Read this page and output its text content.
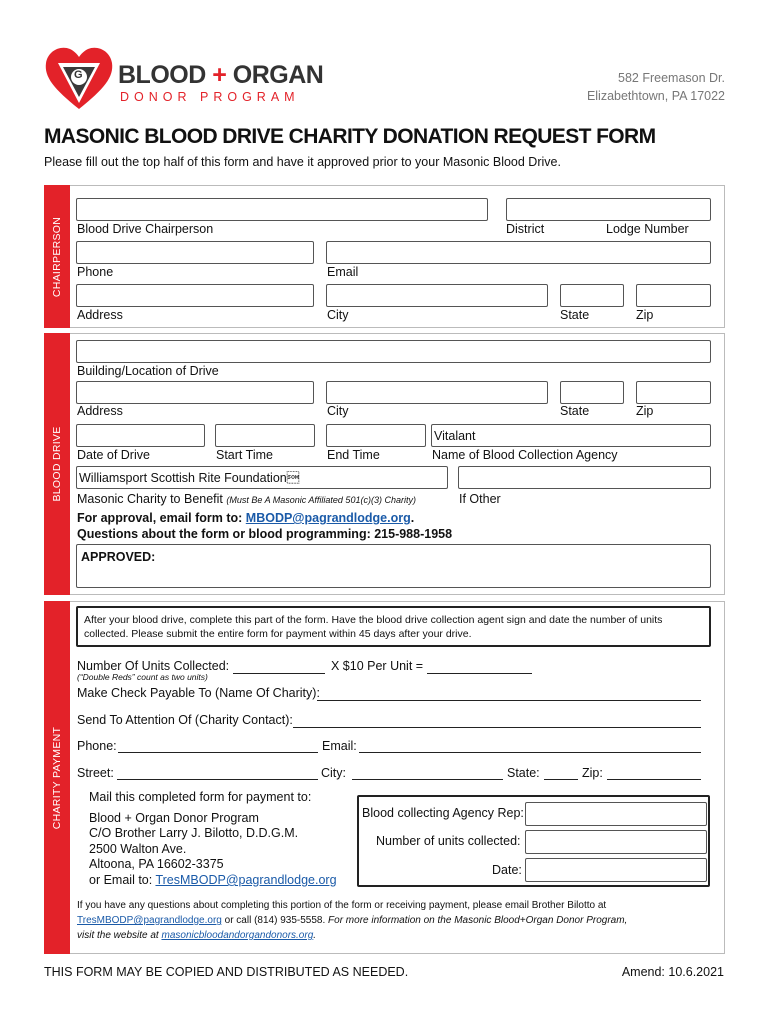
G BLOOD + ORGAN
DONOR PROGRAM
582 Freemason Dr.
Elizabethtown, PA 17022
MASONIC BLOOD DRIVE CHARITY DONATION REQUEST FORM
Please fill out the top half of this form and have it approved prior to your Masonic Blood Drive.
CHAIRPERSON Blood Drive Chairperson	District	Lodge Number
Phone	Email
Address	City	State	Zip
BLOOD DRIVE
Building/Location of Drive
Address	City	State	Zip
Vitalant
Date of Drive	Start Time	End Time	Name of Blood Collection Agency
Williamsport Scottish Rite Foundation
Masonic Charity to Benefit (Must Be A Masonic Affiliated 501(c)(3) Charity)	If Other
For approval, email form to: MBODP@pagrandlodge.org.
Questions about the form or blood programming: 215-988-1958
APPROVED:
CHARITY PAYMENT
After your blood drive, complete this part of the form. Have the blood drive collection agent sign and date the number of units collected. Please submit the entire form for payment within 45 days after your drive.
Number Of Units Collected:	X $10 Per Unit =
(“Double Reds” count as two units)
Make Check Payable To (Name Of Charity):
Send To Attention Of (Charity Contact):
Phone:	Email:
Street:	City:	State:	Zip:
Mail this completed form for payment to:
Blood + Organ Donor Program
C/O Brother Larry J. Bilotto, D.D.G.M.
2500 Walton Ave.
Altoona, PA 16602-3375
or Email to: TresMBODP@pagrandlodge.org
Blood collecting Agency Rep:
Number of units collected:
Date:
If you have any questions about completing this portion of the form or receiving payment, please email Brother Bilotto at
TresMBODP@pagrandlodge.org or call (814) 935-5558. For more information on the Masonic Blood+Organ Donor Program,
visit the website at masonicbloodandorgandonors.org.
THIS FORM MAY BE COPIED AND DISTRIBUTED AS NEEDED.	Amend: 10.6.2021
